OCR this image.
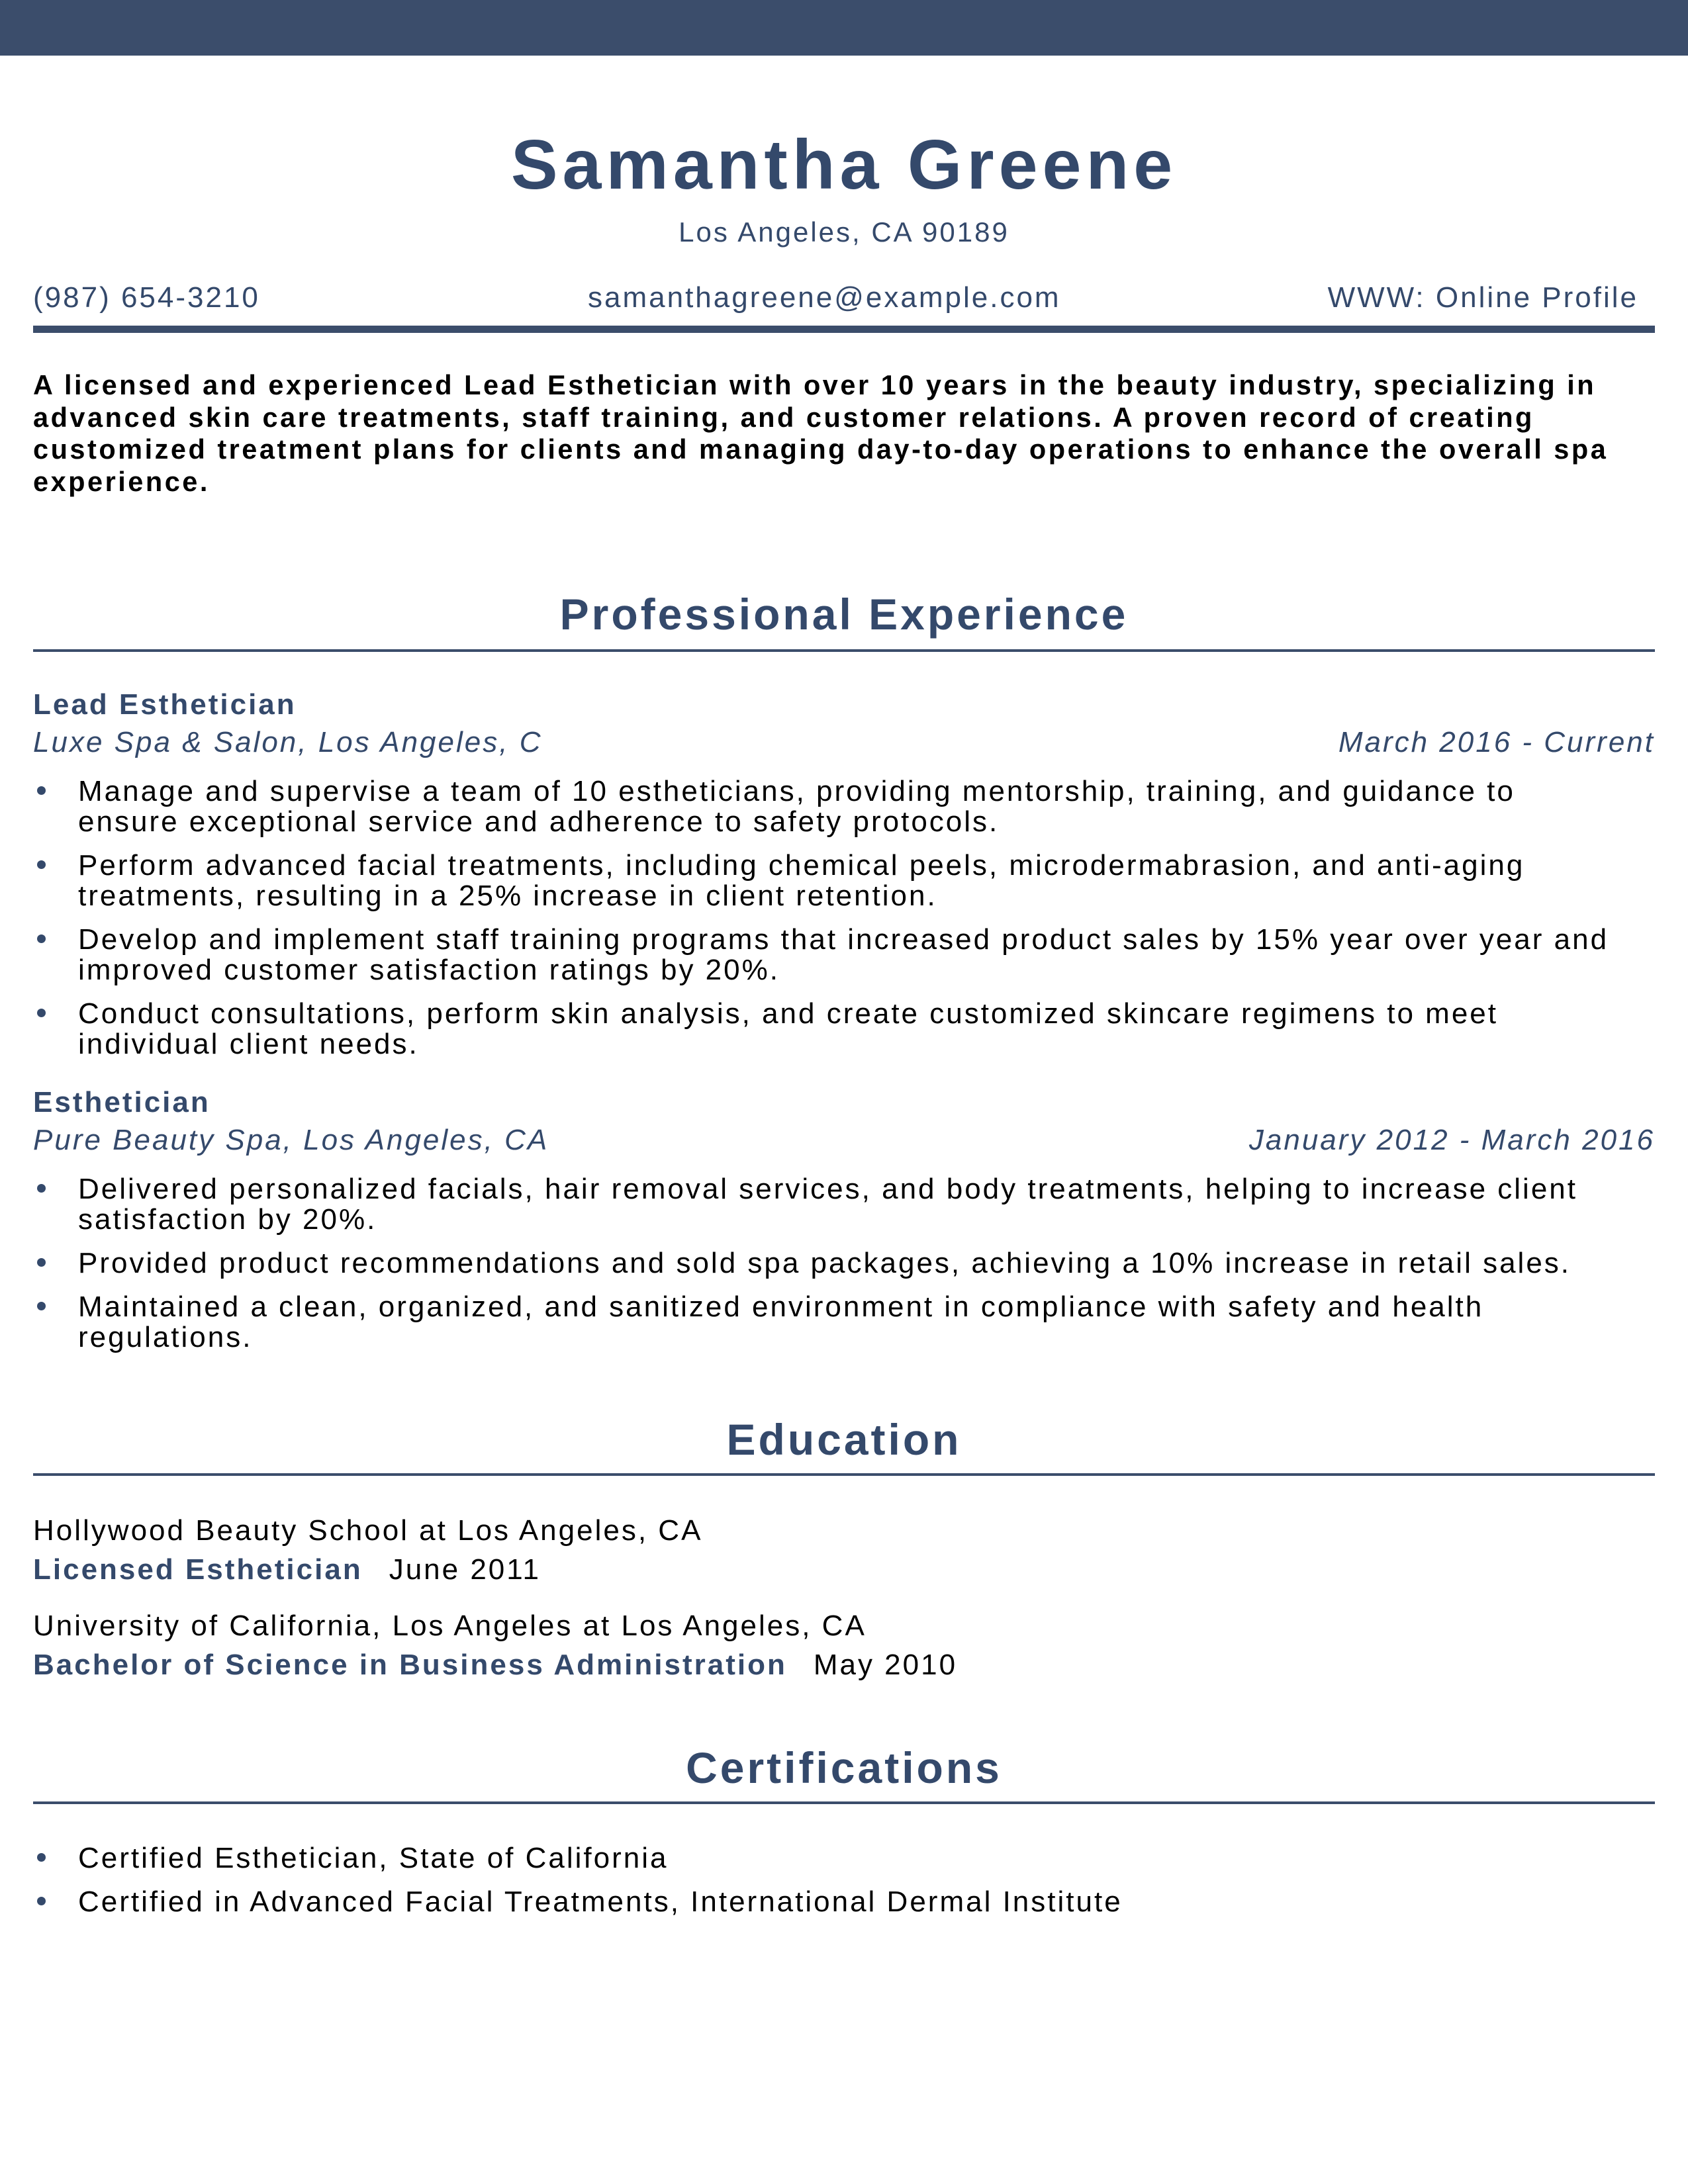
Samantha Greene
Los Angeles, CA 90189
(987) 654-3210	samanthagreene@example.com	WWW: Online Profile

A licensed and experienced Lead Esthetician with over 10 years in the beauty industry, specializing in advanced skin care treatments, staff training, and customer relations. A proven record of creating customized treatment plans for clients and managing day-to-day operations to enhance the overall spa experience.

Professional Experience
Lead Esthetician
Luxe Spa & Salon, Los Angeles, C	March 2016 - Current
Manage and supervise a team of 10 estheticians, providing mentorship, training, and guidance to ensure exceptional service and adherence to safety protocols.
Perform advanced facial treatments, including chemical peels, microdermabrasion, and anti-aging treatments, resulting in a 25% increase in client retention.
Develop and implement staff training programs that increased product sales by 15% year over year and improved customer satisfaction ratings by 20%.
Conduct consultations, perform skin analysis, and create customized skincare regimens to meet individual client needs.
Esthetician
Pure Beauty Spa, Los Angeles, CA	January 2012 - March 2016
Delivered personalized facials, hair removal services, and body treatments, helping to increase client satisfaction by 20%.
Provided product recommendations and sold spa packages, achieving a 10% increase in retail sales.
Maintained a clean, organized, and sanitized environment in compliance with safety and health regulations.
Education
Hollywood Beauty School at Los Angeles, CA
Licensed Esthetician June 2011
University of California, Los Angeles at Los Angeles, CA
Bachelor of Science in Business Administration May 2010
Certifications
Certified Esthetician, State of California
Certified in Advanced Facial Treatments, International Dermal Institute
